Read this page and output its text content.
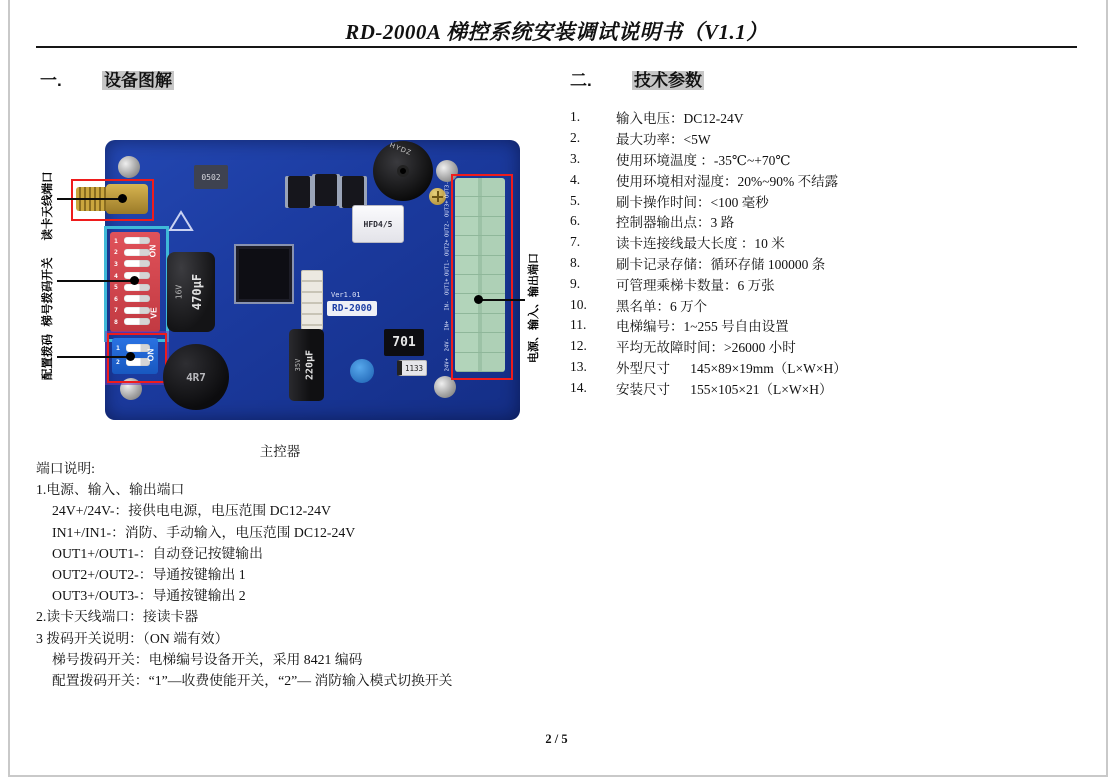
RD-2000A 梯控系统安装调试说明书（V1.1）
一. 设备图解	二. 技术参数
1
2
3
4
5
6
7
8
ON
VE
1
2
ON
470µF
16V
4R7
0502
HYDZ
HFD4/5
Ver1.01
RD-2000
701
220µF
35V	1133
OUT3-
OUT3+
OUT2-
OUT2+
OUT1-
OUT1+
IN-
IN+
24V-
24V+
读卡天线端口
梯号拨码开关
配置拨码	电源、输入、输出端口
主控器
1.	输入电压：DC12-24V
2.	最大功率：<5W
3.	使用环境温度 ：-35℃~+70℃
4.	使用环境相对湿度：20%~90% 不结露
5.	刷卡操作时间：<100 毫秒
6.	控制器输出点：3 路
7.	读卡连接线最大长度 ：10 米
8.	刷卡记录存储：循环存储 100000 条
9.	可管理乘梯卡数量：6 万张
10.	黑名单：6 万个
11.	电梯编号：1~255 号自由设置
12.	平均无故障时间：>26000 小时
13.	外型尺寸      145×89×19mm（L×W×H）
14.	安装尺寸      155×105×21（L×W×H）
端口说明:
1.电源、输入、输出端口
24V+/24V-：接供电电源，电压范围 DC12-24V
IN1+/IN1-：消防、手动输入，电压范围 DC12-24V
OUT1+/OUT1-：自动登记按键输出
OUT2+/OUT2-：导通按键输出 1
OUT3+/OUT3-：导通按键输出 2
2.读卡天线端口：接读卡器
3 拨码开关说明：（ON 端有效）
梯号拨码开关：电梯编号设备开关，采用 8421 编码
配置拨码开关：“1”—收费使能开关，“2”— 消防输入模式切换开关
2 / 5
